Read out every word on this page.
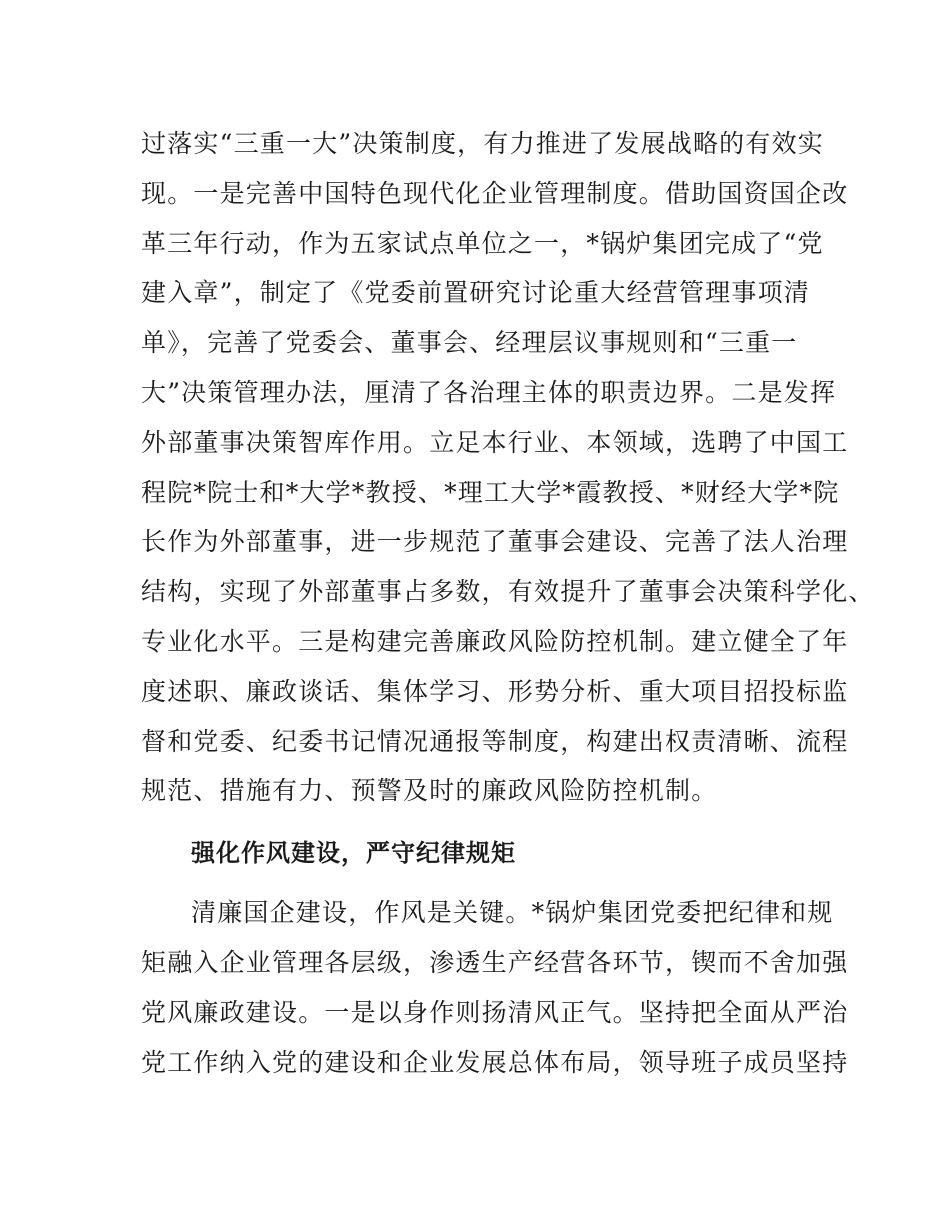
过落实“三重一大”决策制度，有力推进了发展战略的有效实
现。一是完善中国特色现代化企业管理制度。借助国资国企改
革三年行动，作为五家试点单位之一，*锅炉集团完成了“党
建入章”，制定了《党委前置研究讨论重大经营管理事项清
单》，完善了党委会、董事会、经理层议事规则和“三重一
大”决策管理办法，厘清了各治理主体的职责边界。二是发挥
外部董事决策智库作用。立足本行业、本领域，选聘了中国工
程院*院士和*大学*教授、*理工大学*霞教授、*财经大学*院
长作为外部董事，进一步规范了董事会建设、完善了法人治理
结构，实现了外部董事占多数，有效提升了董事会决策科学化、
专业化水平。三是构建完善廉政风险防控机制。建立健全了年
度述职、廉政谈话、集体学习、形势分析、重大项目招投标监
督和党委、纪委书记情况通报等制度，构建出权责清晰、流程
规范、措施有力、预警及时的廉政风险防控机制。
强化作风建设，严守纪律规矩
清廉国企建设，作风是关键。*锅炉集团党委把纪律和规
矩融入企业管理各层级，渗透生产经营各环节，锲而不舍加强
党风廉政建设。一是以身作则扬清风正气。坚持把全面从严治
党工作纳入党的建设和企业发展总体布局，领导班子成员坚持
